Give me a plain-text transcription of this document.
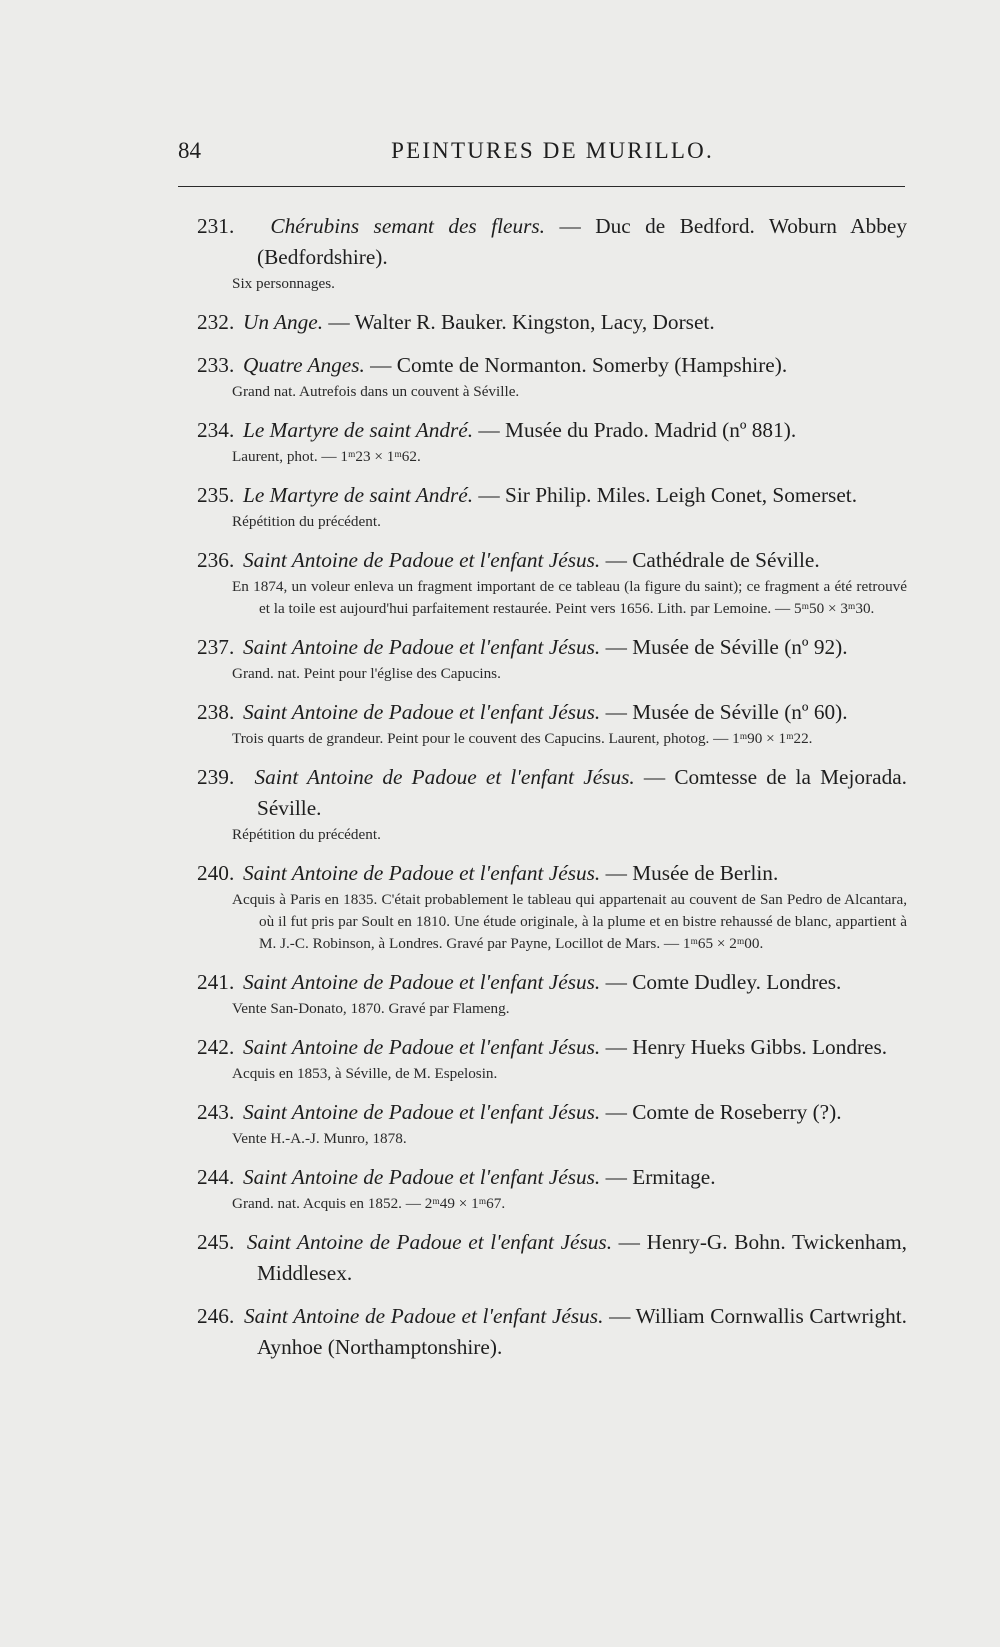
84	PEINTURES DE MURILLO.
231. Chérubins semant des fleurs. — Duc de Bedford. Woburn Abbey (Bedfordshire).
Six personnages.
232. Un Ange. — Walter R. Bauker. Kingston, Lacy, Dorset.
233. Quatre Anges. — Comte de Normanton. Somerby (Hampshire).
Grand nat. Autrefois dans un couvent à Séville.
234. Le Martyre de saint André. — Musée du Prado. Madrid (nº 881).
Laurent, phot. — 1ᵐ23 × 1ᵐ62.
235. Le Martyre de saint André. — Sir Philip. Miles. Leigh Conet, Somerset.
Répétition du précédent.
236. Saint Antoine de Padoue et l'enfant Jésus. — Cathédrale de Séville.
En 1874, un voleur enleva un fragment important de ce tableau (la figure du saint); ce fragment a été retrouvé et la toile est aujourd'hui parfaitement restaurée. Peint vers 1656. Lith. par Lemoine. — 5ᵐ50 × 3ᵐ30.
237. Saint Antoine de Padoue et l'enfant Jésus. — Musée de Séville (nº 92).
Grand. nat. Peint pour l'église des Capucins.
238. Saint Antoine de Padoue et l'enfant Jésus. — Musée de Séville (nº 60).
Trois quarts de grandeur. Peint pour le couvent des Capucins. Laurent, photog. — 1ᵐ90 × 1ᵐ22.
239. Saint Antoine de Padoue et l'enfant Jésus. — Comtesse de la Mejorada. Séville.
Répétition du précédent.
240. Saint Antoine de Padoue et l'enfant Jésus. — Musée de Berlin.
Acquis à Paris en 1835. C'était probablement le tableau qui appartenait au couvent de San Pedro de Alcantara, où il fut pris par Soult en 1810. Une étude originale, à la plume et en bistre rehaussé de blanc, appartient à M. J.-C. Robinson, à Londres. Gravé par Payne, Locillot de Mars. — 1ᵐ65 × 2ᵐ00.
241. Saint Antoine de Padoue et l'enfant Jésus. — Comte Dudley. Londres.
Vente San-Donato, 1870. Gravé par Flameng.
242. Saint Antoine de Padoue et l'enfant Jésus. — Henry Hueks Gibbs. Londres.
Acquis en 1853, à Séville, de M. Espelosin.
243. Saint Antoine de Padoue et l'enfant Jésus. — Comte de Roseberry (?).
Vente H.-A.-J. Munro, 1878.
244. Saint Antoine de Padoue et l'enfant Jésus. — Ermitage.
Grand. nat. Acquis en 1852. — 2ᵐ49 × 1ᵐ67.
245. Saint Antoine de Padoue et l'enfant Jésus. — Henry-G. Bohn. Twickenham, Middlesex.
246. Saint Antoine de Padoue et l'enfant Jésus. — William Cornwallis Cartwright. Aynhoe (Northamptonshire).
